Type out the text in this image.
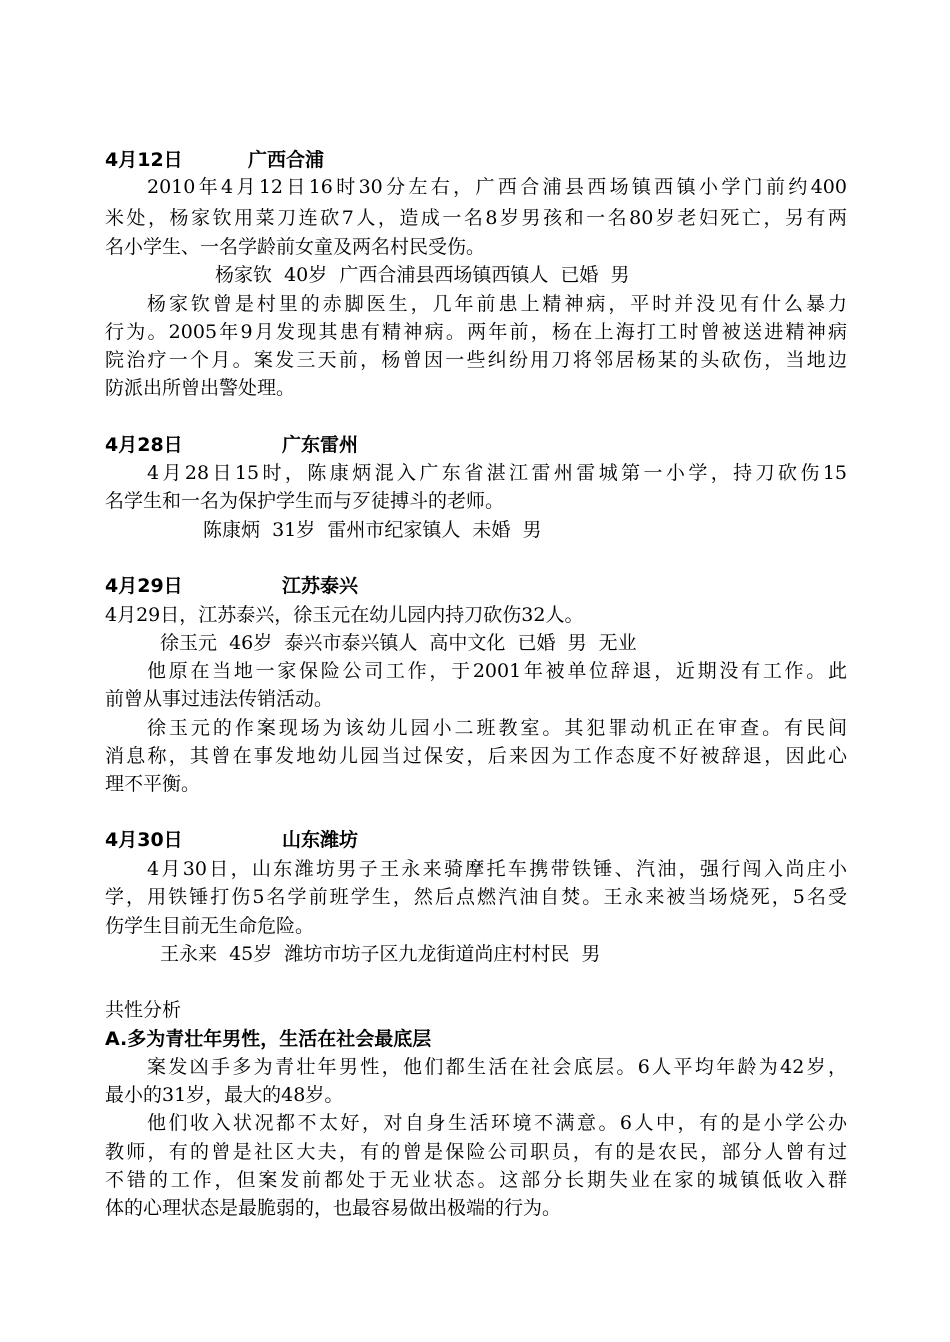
4月12日	广西合浦
2010年4月12日16时30分左右，广西合浦县西场镇西镇小学门前约400
米处，杨家钦用菜刀连砍7人，造成一名8岁男孩和一名80岁老妇死亡，另有两
名小学生、一名学龄前女童及两名村民受伤。
杨家钦  40岁  广西合浦县西场镇西镇人  已婚  男
杨家钦曾是村里的赤脚医生，几年前患上精神病，平时并没见有什么暴力
行为。2005年9月发现其患有精神病。两年前，杨在上海打工时曾被送进精神病
院治疗一个月。案发三天前，杨曾因一些纠纷用刀将邻居杨某的头砍伤，当地边
防派出所曾出警处理。
4月28日	广东雷州
4月28日15时，陈康炳混入广东省湛江雷州雷城第一小学，持刀砍伤15
名学生和一名为保护学生而与歹徒搏斗的老师。
陈康炳  31岁  雷州市纪家镇人  未婚  男
4月29日	江苏泰兴
4月29日，江苏泰兴，徐玉元在幼儿园内持刀砍伤32人。
徐玉元  46岁  泰兴市泰兴镇人  高中文化  已婚  男  无业
他原在当地一家保险公司工作，于2001年被单位辞退，近期没有工作。此
前曾从事过违法传销活动。
徐玉元的作案现场为该幼儿园小二班教室。其犯罪动机正在审查。有民间
消息称，其曾在事发地幼儿园当过保安，后来因为工作态度不好被辞退，因此心
理不平衡。
4月30日	山东潍坊
4月30日，山东潍坊男子王永来骑摩托车携带铁锤、汽油，强行闯入尚庄小
学，用铁锤打伤5名学前班学生，然后点燃汽油自焚。王永来被当场烧死，5名受
伤学生目前无生命危险。
王永来  45岁  潍坊市坊子区九龙街道尚庄村村民  男
共性分析
A.多为青壮年男性，生活在社会最底层
案发凶手多为青壮年男性，他们都生活在社会底层。6人平均年龄为42岁，
最小的31岁，最大的48岁。
他们收入状况都不太好，对自身生活环境不满意。6人中，有的是小学公办
教师，有的曾是社区大夫，有的曾是保险公司职员，有的是农民，部分人曾有过
不错的工作，但案发前都处于无业状态。这部分长期失业在家的城镇低收入群
体的心理状态是最脆弱的，也最容易做出极端的行为。
